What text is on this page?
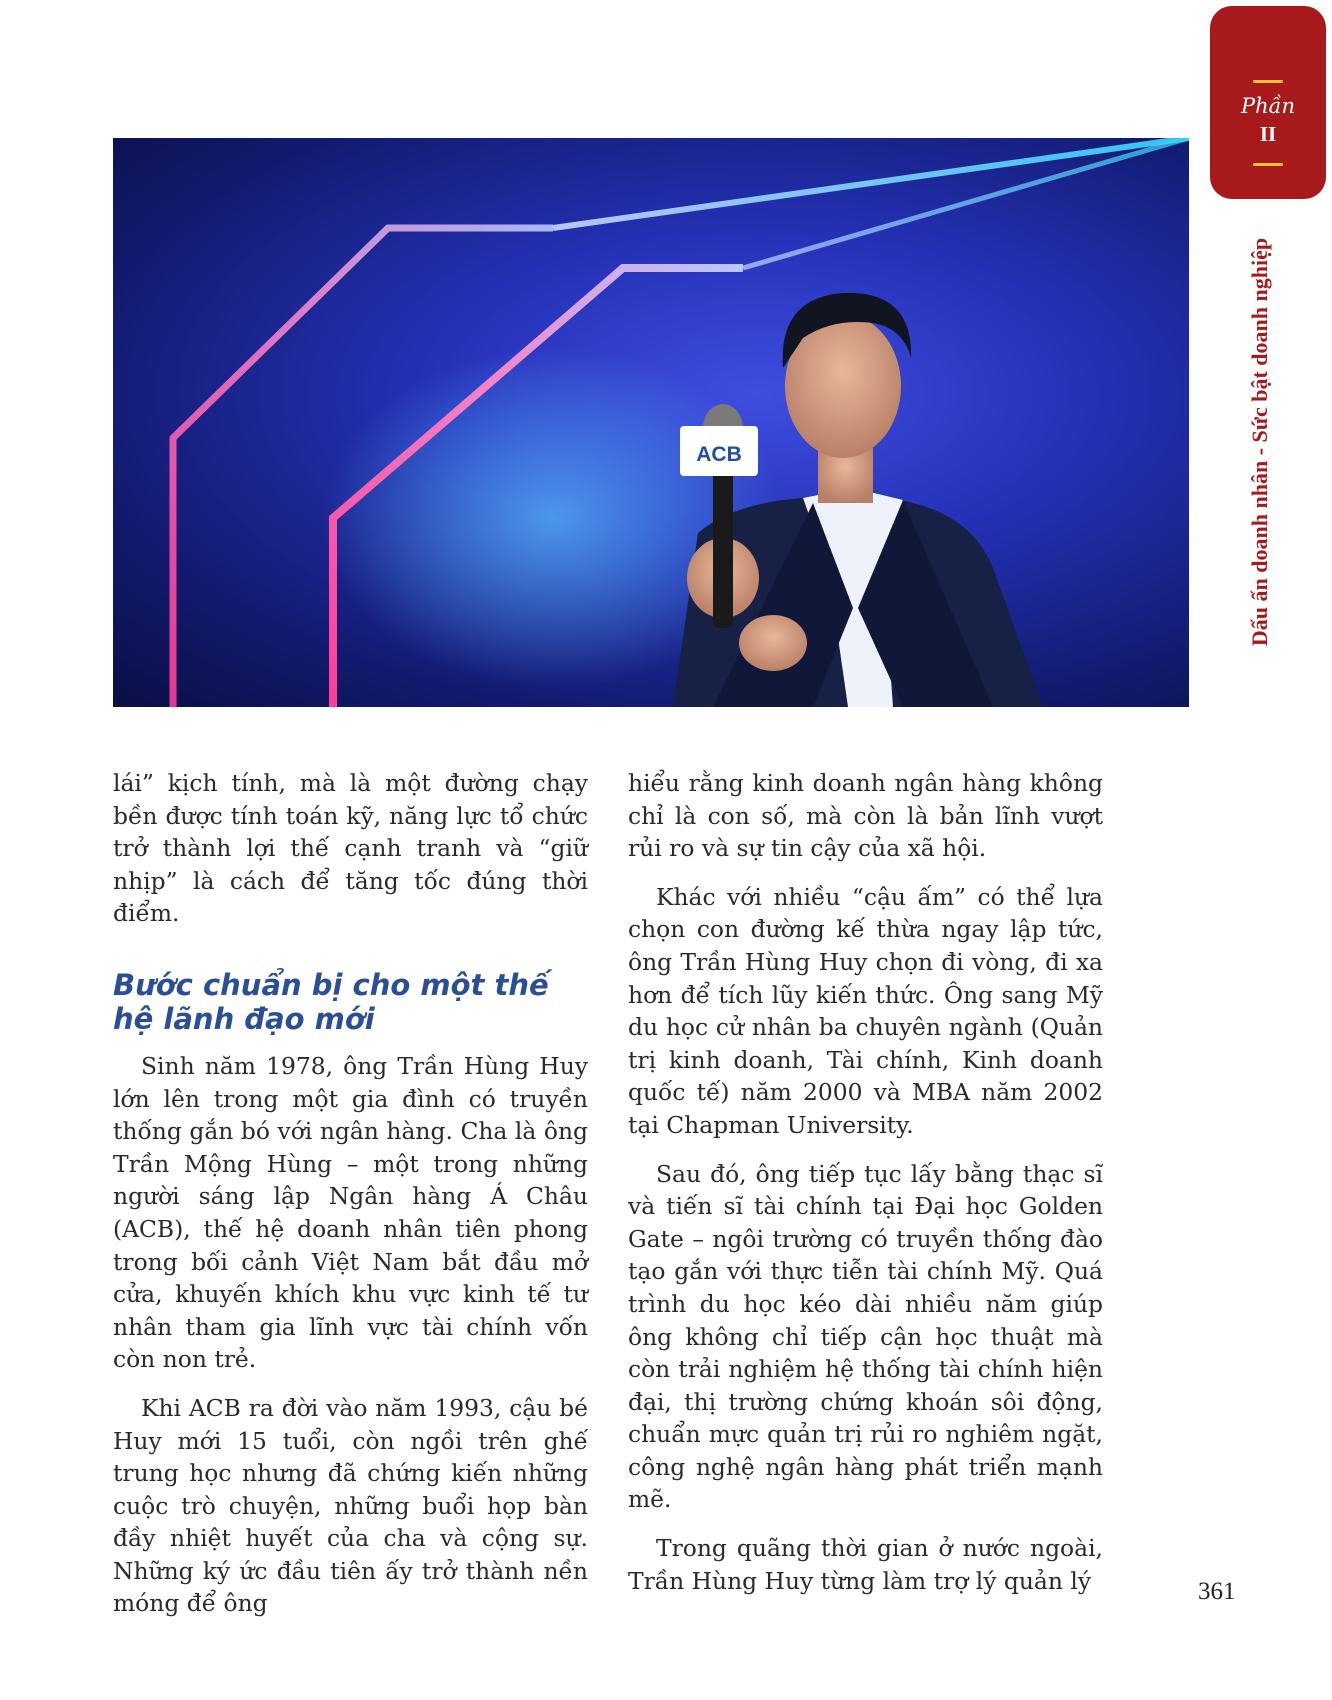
Phần
II
Dấu ấn doanh nhân - Sức bật doanh nghiệp
ACB

lái” kịch tính, mà là một đường chạy bền được tính toán kỹ, năng lực tổ chức trở thành lợi thế cạnh tranh và “giữ nhịp” là cách để tăng tốc đúng thời điểm.

Bước chuẩn bị cho một thế hệ lãnh đạo mới

Sinh năm 1978, ông Trần Hùng Huy lớn lên trong một gia đình có truyền thống gắn bó với ngân hàng. Cha là ông Trần Mộng Hùng – một trong những người sáng lập Ngân hàng Á Châu (ACB), thế hệ doanh nhân tiên phong trong bối cảnh Việt Nam bắt đầu mở cửa, khuyến khích khu vực kinh tế tư nhân tham gia lĩnh vực tài chính vốn còn non trẻ.

Khi ACB ra đời vào năm 1993, cậu bé Huy mới 15 tuổi, còn ngồi trên ghế trung học nhưng đã chứng kiến những cuộc trò chuyện, những buổi họp bàn đầy nhiệt huyết của cha và cộng sự. Những ký ức đầu tiên ấy trở thành nền móng để ông

hiểu rằng kinh doanh ngân hàng không chỉ là con số, mà còn là bản lĩnh vượt rủi ro và sự tin cậy của xã hội.

Khác với nhiều “cậu ấm” có thể lựa chọn con đường kế thừa ngay lập tức, ông Trần Hùng Huy chọn đi vòng, đi xa hơn để tích lũy kiến thức. Ông sang Mỹ du học cử nhân ba chuyên ngành (Quản trị kinh doanh, Tài chính, Kinh doanh quốc tế) năm 2000 và MBA năm 2002 tại Chapman University.

Sau đó, ông tiếp tục lấy bằng thạc sĩ và tiến sĩ tài chính tại Đại học Golden Gate – ngôi trường có truyền thống đào tạo gắn với thực tiễn tài chính Mỹ. Quá trình du học kéo dài nhiều năm giúp ông không chỉ tiếp cận học thuật mà còn trải nghiệm hệ thống tài chính hiện đại, thị trường chứng khoán sôi động, chuẩn mực quản trị rủi ro nghiêm ngặt, công nghệ ngân hàng phát triển mạnh mẽ.

Trong quãng thời gian ở nước ngoài, Trần Hùng Huy từng làm trợ lý quản lý	361
